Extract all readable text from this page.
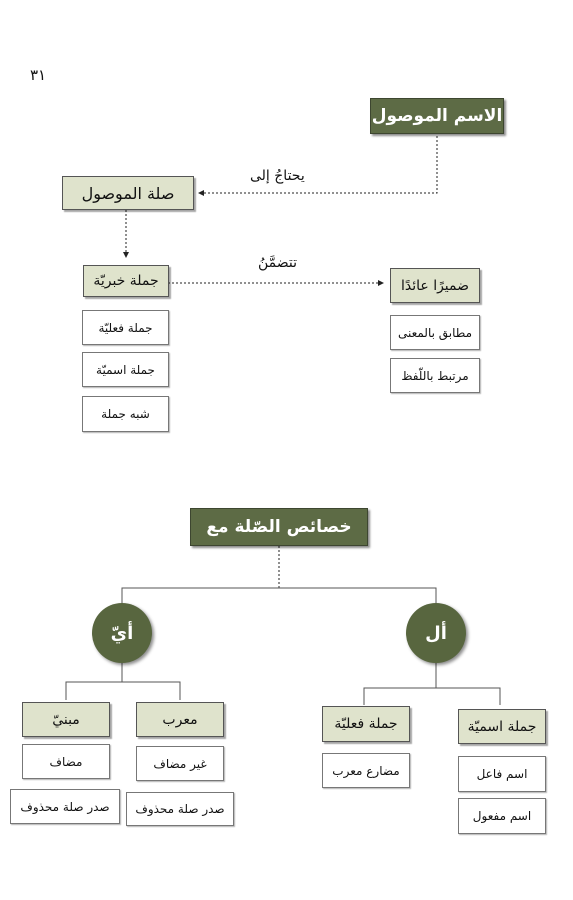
٣١
الاسم الموصول
يحتاجُ إلى
صلة الموصول
جملة خبريّة
تتضمَّنُ
ضميرًا عائدًا
جملة فعليّة
جملة اسميّة
شبه جملة
مطابق بالمعنى
مرتبط باللّفظ
خصائص الصّلة مع
أيّ	أل
جملة اسميّة
اسم فاعل
اسم مفعول
جملة فعليّة
مضارع معرب
معرب
غير مضاف
صدر صلة محذوف
مبنيّ
مضاف
صدر صلة محذوف
